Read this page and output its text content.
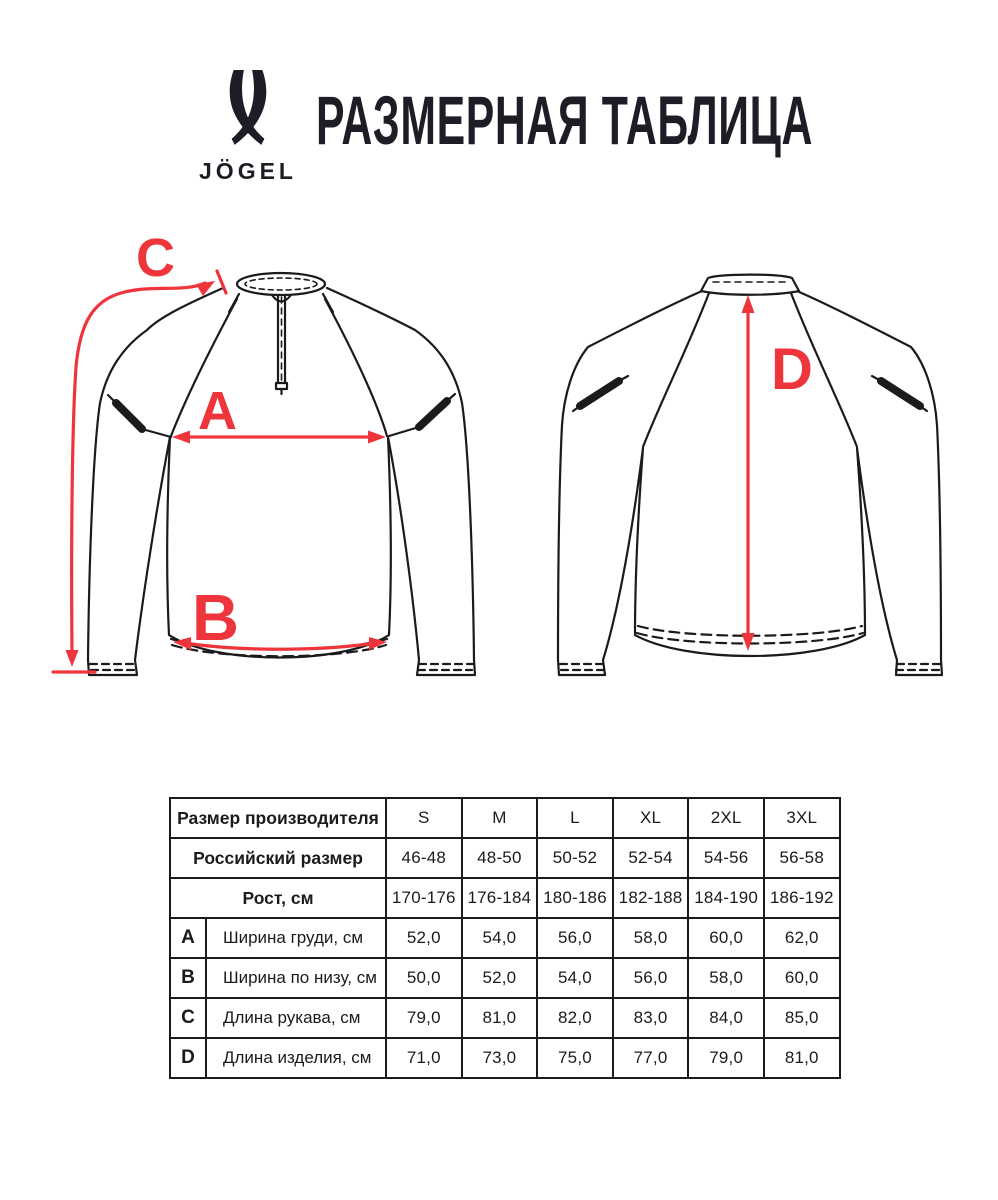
JÖGEL
РАЗМЕРНАЯ ТАБЛИЦА
C
A
B
D
Размер производителя		S	M	L	XL	2XL	3XL
Российский размер		46-48	48-50	50-52	52-54	54-56	56-58
Рост, см		170-176	176-184	180-186	182-188	184-190	186-192
A	Ширина груди, см	52,0	54,0	56,0	58,0	60,0	62,0
B	Ширина по низу, см	50,0	52,0	54,0	56,0	58,0	60,0
C	Длина рукава, см	79,0	81,0	82,0	83,0	84,0	85,0
D	Длина изделия, см	71,0	73,0	75,0	77,0	79,0	81,0
